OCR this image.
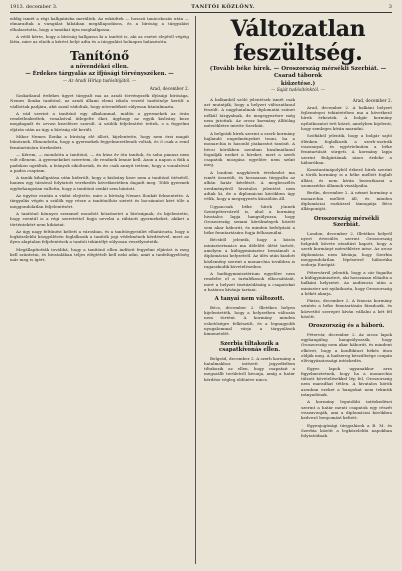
1913. december 3.	TANÍTÓI KÖZLÖNY.	3

eddig ismét a régi hallgatásba merültek. Az esküdtek — hosszú tanácskozás után — elmaradtak a vizsgálat hibáiban megállapodásra, és a bíróság a tárgyalást elhalasztotta, hogy a tanúkat újra meghallgassa.

A védő kérte, hogy a bíróság hallgassa ki a tanítót is, aki az esetet elejétől végéig látta, mire az elnök a kérést helyt adta és a tárgyalást holnapra halasztotta.

Tanítónő
a növendékei ellen.
— Érdekes tárgyalás az ifjúsági törvényszéken. —
— Az Aradi Hírlap tudósítójától. —
Arad, december 2.

Szokatlanul érdekes ügyet tárgyalt ma az aradi törvényszék ifjúsági bírósága. Nemes Ilonka tanítónő, az aradi állami elemi iskola vezető tanítónője került a vádlottak padjára, akit azzal vádoltak, hogy növendékeit súlyosan bántalmazta.

A vád szerint a tanítónő egy alkalommal, midőn a gyermekek az órán rendetlenkedtek, vonalzóval ütlegelte őket, úgyhogy az egyik kisleány keze megdagadt és orvosi kezelésre szorult. A szülők feljelentést tettek, s a fegyelmi eljárás után az ügy a bíróság elé került.

Mikor Nemes Ilonka a bíróság elé állott, kijelentette, hogy nem érzi magát bűnösnek. Elmondotta, hogy a gyermekek fegyelmezetlenek voltak, és ő csak a rend fenntartására törekedett.

— Kérem, — mondotta a tanítónő, — én húsz év óta tanítok, és soha panasz nem volt ellenem. A gyermekeket szeretem, de rendnek lennie kell. Azon a napon a fiúk a padokon ugráltak, a leányok sikoltoztak, és én csak annyit tettem, hogy a vonalzóval a padra csaptam.

A tanúk kihallgatása után kiderült, hogy a kisleány keze nem a tanítónő ütésétől, hanem egy társával folytatott verekedés következtében dagadt meg. Több gyermek egybehangzóan vallotta, hogy a tanítónő senkit sem bántott.

Az ügyész ezután a vádat elejtette, mire a bíróság Nemes Ilonkát felmentette. A tárgyalás végén a szülők egy része a tanítónőhöz sietett és bocsánatot kért tőle a meggondolatlan feljelentésért.

A tanítónő könnyes szemmel mondott köszönetet a bíróságnak, és kijelentette, hogy ezentúl is a régi szeretettel fogja nevelni a rábízott gyermekeket, akiket a történtekért nem hibáztat.

Az ügy nagy feltűnést keltett a városban, és a tanítóegyesület elhatározta, hogy a legközelebbi közgyűlésén foglalkozik a tanítók jogi védelmének kérdésével, mert az ilyen alaptalan feljelentések a tanítói tekintélyt súlyosan veszélyeztetik.

Megállapították továbbá, hogy a tanítónő ellen indított fegyelmi eljárást is meg kell szüntetni, és hivatalában teljes elégtételt kell neki adni, amit a tanfelügyelőség már meg is ígért.

Változatlan feszültség.
(Tovább béke hírek. — Oroszország mérsékli Szerbiát. — Csarad táborok
kiűzetése.)
— Saját tudósítónktól. —

A balkanból szóló jelentések ismét csak azt mutatják, hogy a helyzet változatlanul feszült. A nagyhatalmak diplomatái szünet nélkül tárgyalnak, de megegyezésre még nem jutottak. Az orosz kormány állítólag mérsékletre intette Szerbiát.

A belgrádi hírek szerint a szerb kormány hajlandó engedményeket tenni, ha a monarchia is hasonló jóakaratot tanúsít. A bécsi körökben azonban bizalmatlanul fogadják ezeket a híreket, mert a szerb csapatok mozgása egyelőre nem szűnt meg.

A londoni nagyköveti értekezlet ma ismét összeült, és hosszasan tárgyalta az albán határ kérdését. A megbeszélés eredményéről hivatalos jelentést nem adtak ki, de a diplomáciai körökben úgy vélik, hogy a megegyezés küszöbön áll.

Ugyancsak béke hírek jönnek Szentpétervárról is, ahol a kormány hivatalos lapja hangsúlyozza, hogy Oroszország semmi körülmények között sem akar háborút, és minden befolyását a béke fenntartására fogja felhasználni.

Bécsből jelentik, hogy a közös minisztertanács ma délelőtt ülést tartott, amelyen a külügyminiszter beszámolt a diplomáciai helyzetről. Az ülés után kiadott közlemény szerint a monarchia továbbra is ragaszkodik követeléseihez.

A hadügyminisztérium egyelőre nem rendelte el a tartalékosok elbocsátását, mert a helyzet tisztázódásáig a csapatokat a határon kívánja tartani.

A tanyai nem változott.

Bécs, december 2. Illetékes helyen kijelentették, hogy a helyzetben változás nem történt. A kormány minden eshetőségre felkészült, és a legnagyobb nyugalommal várja a tárgyalások kimenetelét.

Szerbia tiltakozik a csapatkivonás ellen.

Belgrád, december 2. A szerb kormány a hatalmakhoz intézett jegyzékében tiltakozik az ellen, hogy csapatait a megszállt területről kivonja, amíg a határ kérdése végleg eldöntve nincs.

Arad, december 2.

Arad, december 2. A balkáni helyzet fejleményei tekintetében ma a következő hírek érkeztek. A bolgár kormány nyilatkozatot tett közzé, amelyben kijelenti, hogy semleges kíván maradni.

Szófiából jelentik, hogy a bolgár sajtó élénken foglalkozik a szerb-osztrák viszonnyal, és egyértelműen a béke fenntartását sürgeti. A kormány lapja szerint Bulgáriának nincs érdeke a háborúban.

Konstantinápolyból érkező hírek szerint a török kormány is a béke mellett foglalt állást, és nem kíván beavatkozni a szomszédos államok viszályaiba.

Berlin, december 2. A német kormány a monarchia mellett áll, és minden diplomáciai eszközzel támogatja Bécs álláspontját.

Oroszország mérsékli Szerbiát.

London, december 2. Illetékes helyről nyert értesülés szerint Oroszország belgrádi követe utasítást kapott, hogy a szerb kormányt mérsékletre intse. Az orosz diplomácia nem kívánja, hogy Szerbia meggondolatlan lépéseivel háborúba sodorja Európát.

Pétervárról jelentik, hogy a cár fogadta a külügyminisztert, aki hosszasan előadta a balkáni helyzetet. Az audiencia után a miniszter azt nyilatkozta, hogy Oroszország a békét akarja.

Párizs, december 2. A francia kormány szintén a béke fenntartásán fáradozik, és közvetítő szerepet kíván vállalni a két fél között.

Oroszország és a háború.

Pétervár, december 2. Az orosz lapok egyhangúlag hangsúlyozzák, hogy Oroszország nem akar háborút, és mindent elkövet, hogy a konfliktust békés úton oldják meg. A hadsereg készültsége csupán elővigyázatossági intézkedés.

Egyes lapok ugyanakkor arra figyelmeztetnek, hogy ha a monarchia túlzott követelésekkel lép fel, Oroszország nem maradhat tétlen. A hivatalos körök azonban ezeket a hangokat nem tekintik irányadónak.

A kormány legutóbbi intézkedései szerint a határ menti csapatok egy részét visszavonják, ami a diplomáciai körökben kedvező benyomást keltett.

Egyenjogúsági tárgyalások a B. M. és Szerbia között a legközelebbi napokban folytatódnak.
